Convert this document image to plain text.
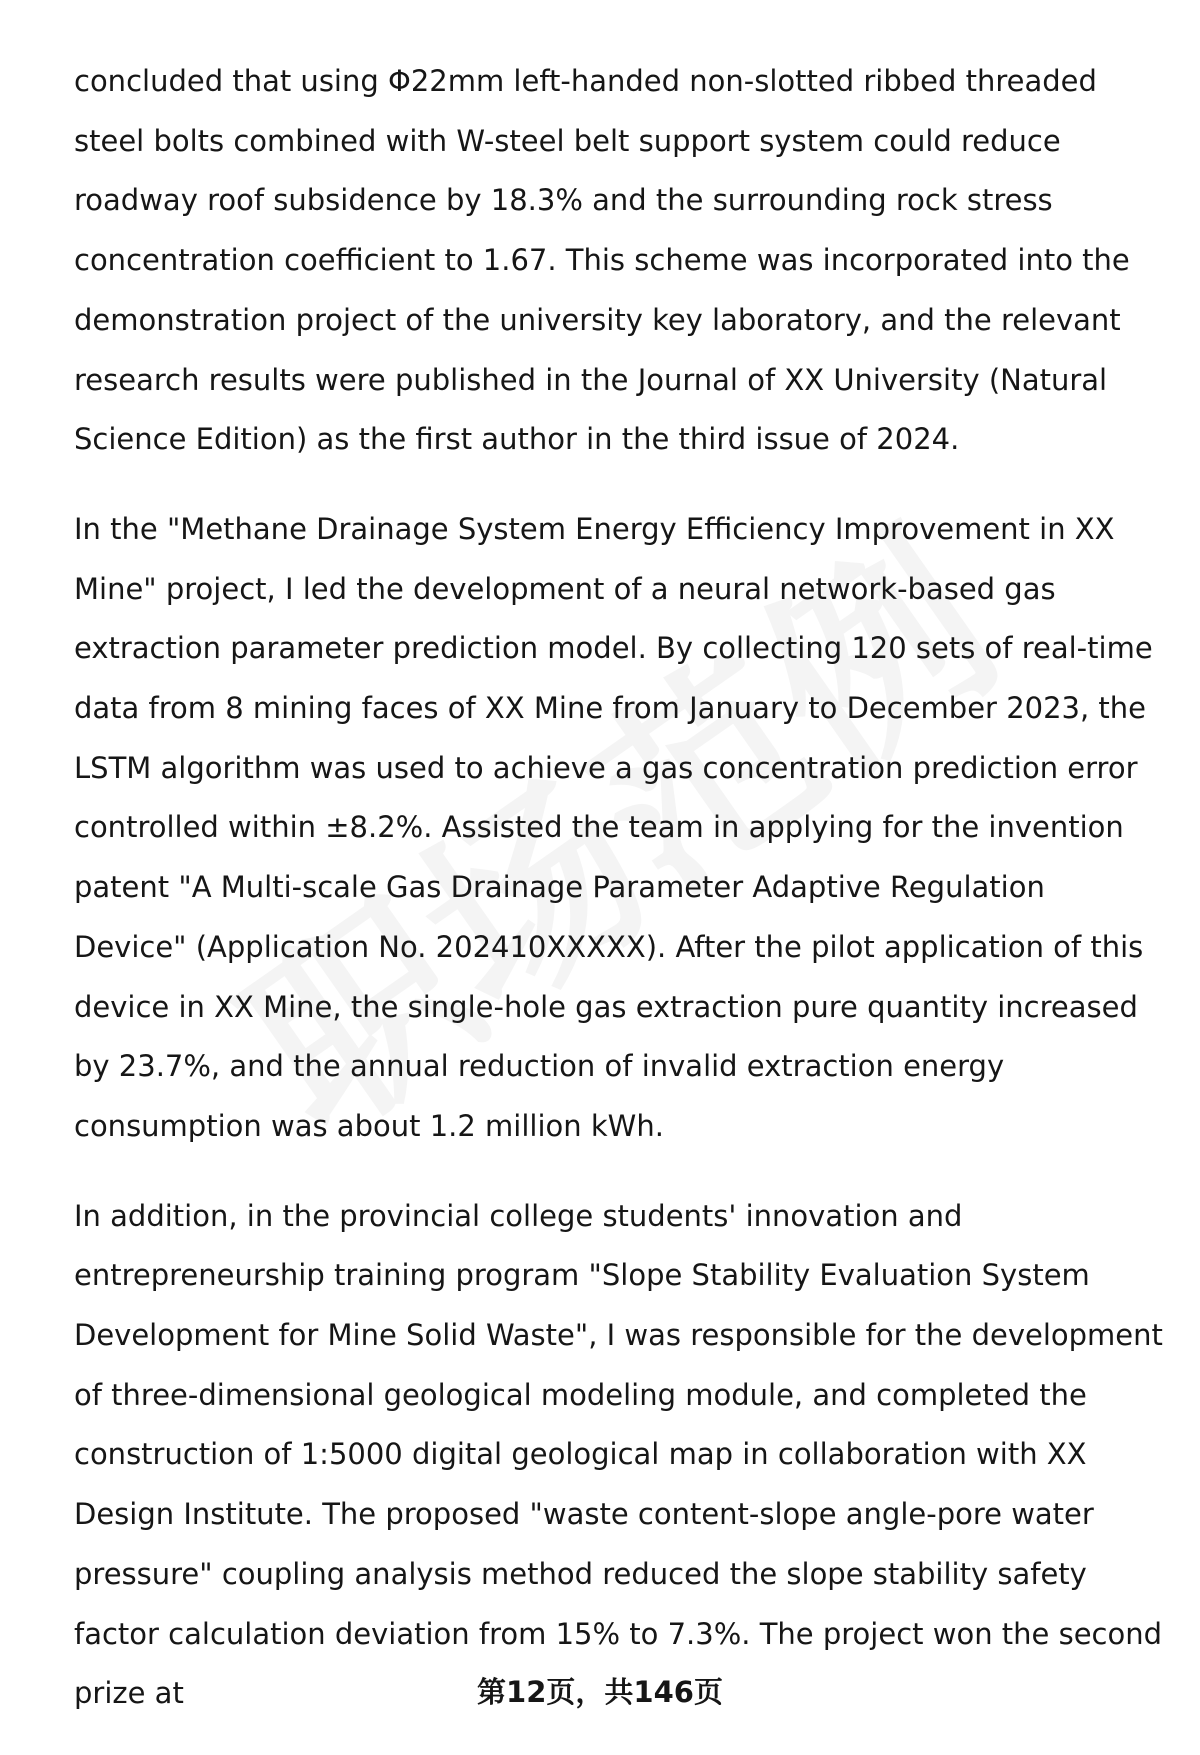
concluded that using Φ22mm left-handed non-slotted ribbed threaded steel bolts combined with W-steel belt support system could reduce roadway roof subsidence by 18.3% and the surrounding rock stress concentration coefficient to 1.67. This scheme was incorporated into the demonstration project of the university key laboratory, and the relevant research results were published in the Journal of XX University (Natural Science Edition) as the first author in the third issue of 2024.

In the "Methane Drainage System Energy Efficiency Improvement in XX Mine" project, I led the development of a neural network-based gas extraction parameter prediction model. By collecting 120 sets of real-time data from 8 mining faces of XX Mine from January to December 2023, the LSTM algorithm was used to achieve a gas concentration prediction error controlled within ±8.2%. Assisted the team in applying for the invention patent "A Multi-scale Gas Drainage Parameter Adaptive Regulation Device" (Application No. 202410XXXXX). After the pilot application of this device in XX Mine, the single-hole gas extraction pure quantity increased by 23.7%, and the annual reduction of invalid extraction energy consumption was about 1.2 million kWh.

In addition, in the provincial college students' innovation and entrepreneurship training program "Slope Stability Evaluation System Development for Mine Solid Waste", I was responsible for the development of three-dimensional geological modeling module, and completed the construction of 1:5000 digital geological map in collaboration with XX Design Institute. The proposed "waste content-slope angle-pore water pressure" coupling analysis method reduced the slope stability safety factor calculation deviation from 15% to 7.3%. The project won the second prize at	第12页，共146页
